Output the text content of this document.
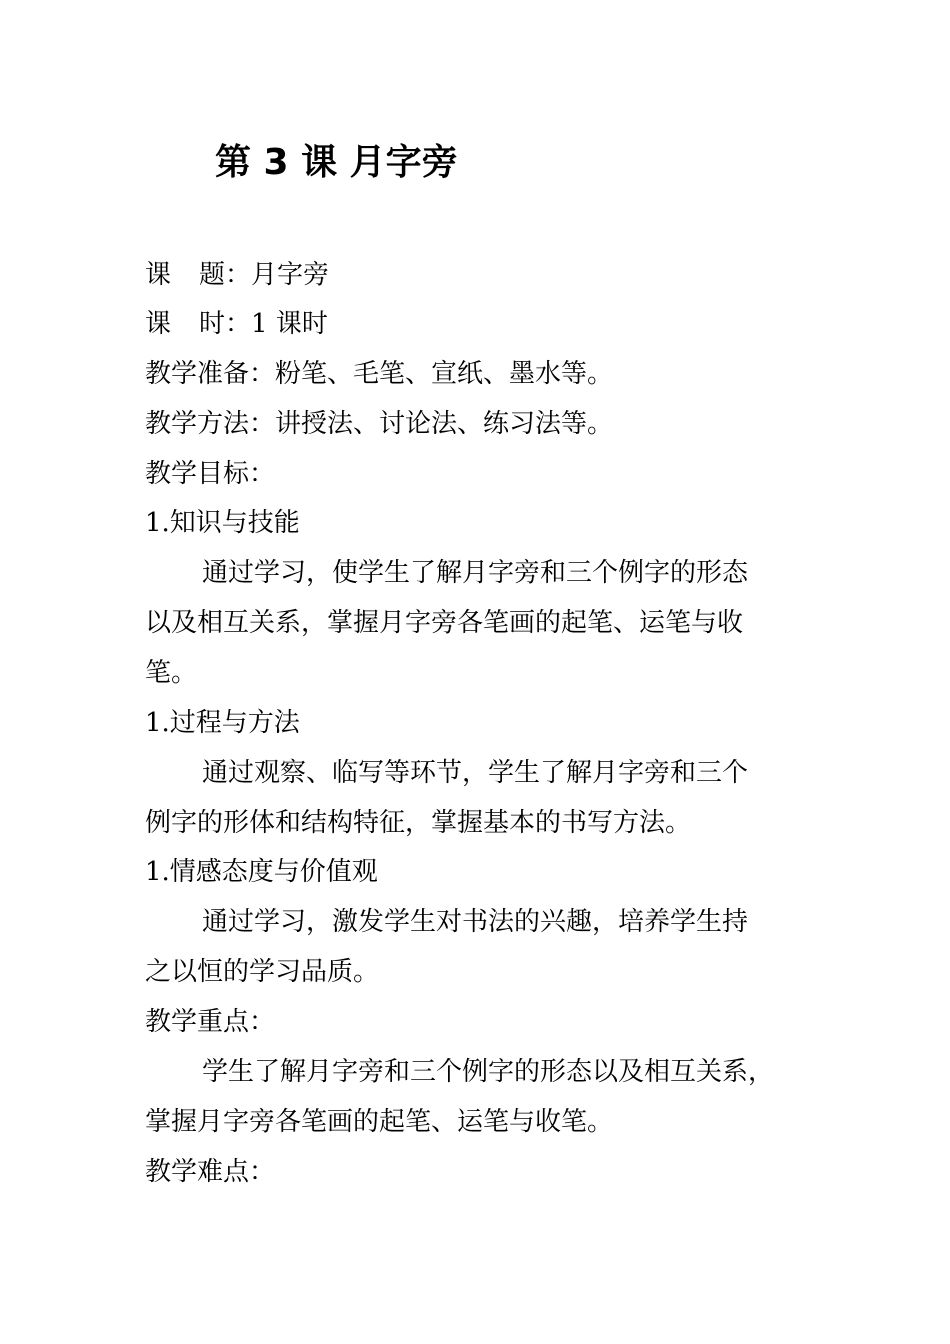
第 3 课 月字旁
课 题：月字旁
课 时：1 课时
教学准备：粉笔、毛笔、宣纸、墨水等。
教学方法：讲授法、讨论法、练习法等。
教学目标：
1.知识与技能
通过学习，使学生了解月字旁和三个例字的形态
以及相互关系，掌握月字旁各笔画的起笔、运笔与收
笔。
1.过程与方法
通过观察、临写等环节，学生了解月字旁和三个
例字的形体和结构特征，掌握基本的书写方法。
1.情感态度与价值观
通过学习，激发学生对书法的兴趣，培养学生持
之以恒的学习品质。
教学重点：
学生了解月字旁和三个例字的形态以及相互关系，
掌握月字旁各笔画的起笔、运笔与收笔。
教学难点：
